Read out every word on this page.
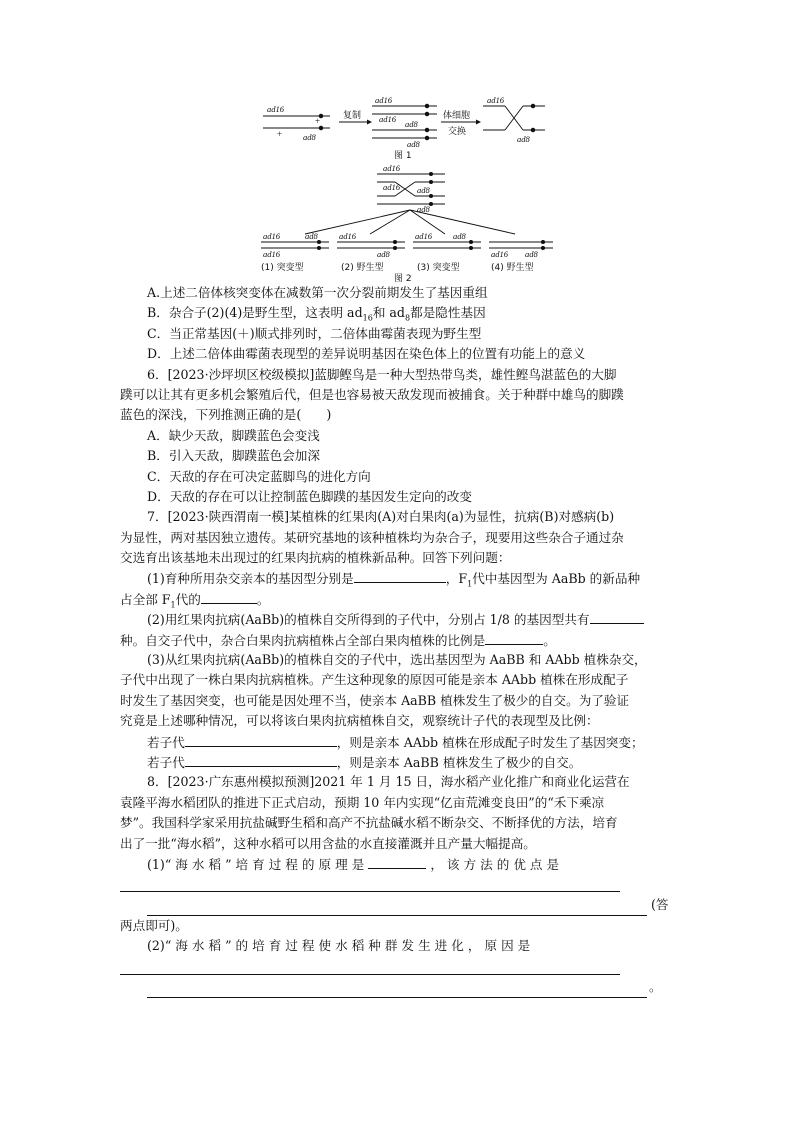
ad16
+ ad8
+	复制
ad16
ad16 ad8
ad8
体细胞
交换
ad16
ad8
图 1
ad16
ad16 ad8
ad8
ad16
ad16
ad8	ad16
ad8
ad16 ad8
ad16 ad8
(1) 突变型	(2) 野生型	(3) 突变型	(4) 野生型
图 2
A.上述二倍体核突变体在减数第一次分裂前期发生了基因重组
B．杂合子(2)(4)是野生型，这表明 $ad_{16}$和 $ad_8$都是隐性基因
C．当正常基因(＋)顺式排列时，二倍体曲霉菌表现为野生型
D．上述二倍体曲霉菌表现型的差异说明基因在染色体上的位置有功能上的意义
6．[2023·沙坪坝区校级模拟]蓝脚鲣鸟是一种大型热带鸟类，雄性鲣鸟湛蓝色的大脚
蹼可以让其有更多机会繁殖后代，但是也容易被天敌发现而被捕食。关于种群中雄鸟的脚蹼
蓝色的深浅，下列推测正确的是(　　)
A．缺少天敌，脚蹼蓝色会变浅
B．引入天敌，脚蹼蓝色会加深
C．天敌的存在可决定蓝脚鸟的进化方向
D．天敌的存在可以让控制蓝色脚蹼的基因发生定向的改变
7．[2023·陕西渭南一模]某植株的红果肉(A)对白果肉(a)为显性，抗病(B)对感病(b)
为显性，两对基因独立遗传。某研究基地的该种植株均为杂合子，现要用这些杂合子通过杂
交选育出该基地未出现过的红果肉抗病的植株新品种。回答下列问题：
(1)育种所用杂交亲本的基因型分别是	，$F_1$代中基因型为 AaBb 的新品种
占全部 $F_1$代的	。
(2)用红果肉抗病(AaBb)的植株自交所得到的子代中，分别占 1/8 的基因型共有
种。自交子代中，杂合白果肉抗病植株占全部白果肉植株的比例是	。
(3)从红果肉抗病(AaBb)的植株自交的子代中，选出基因型为 AaBB 和 AAbb 植株杂交，
子代中出现了一株白果肉抗病植株。产生这种现象的原因可能是亲本 AAbb 植株在形成配子
时发生了基因突变，也可能是因处理不当，使亲本 AaBB 植株发生了极少的自交。为了验证
究竟是上述哪种情况，可以将该白果肉抗病植株自交，观察统计子代的表现型及比例：
若子代	，则是亲本 AAbb 植株在形成配子时发生了基因突变；
若子代	，则是亲本 AaBB 植株发生了极少的自交。
8．[2023·广东惠州模拟预测]2021 年 1 月 15 日，海水稻产业化推广和商业化运营在
袁隆平海水稻团队的推进下正式启动，预期 10 年内实现“亿亩荒滩变良田”的“禾下乘凉
梦”。我国科学家采用抗盐碱野生稻和高产不抗盐碱水稻不断杂交、不断择优的方法，培育
出了一批“海水稻”，这种水稻可以用含盐的水直接灌溉并且产量大幅提高。
(1)“ 海 水 稻 ” 培 育 过 程 的 原 理 是	， 该 方 法 的 优 点 是
(答
两点即可)。
(2)“ 海 水 稻 ” 的 培 育 过 程 使 水 稻 种 群 发 生 进 化 ， 原 因 是
。
